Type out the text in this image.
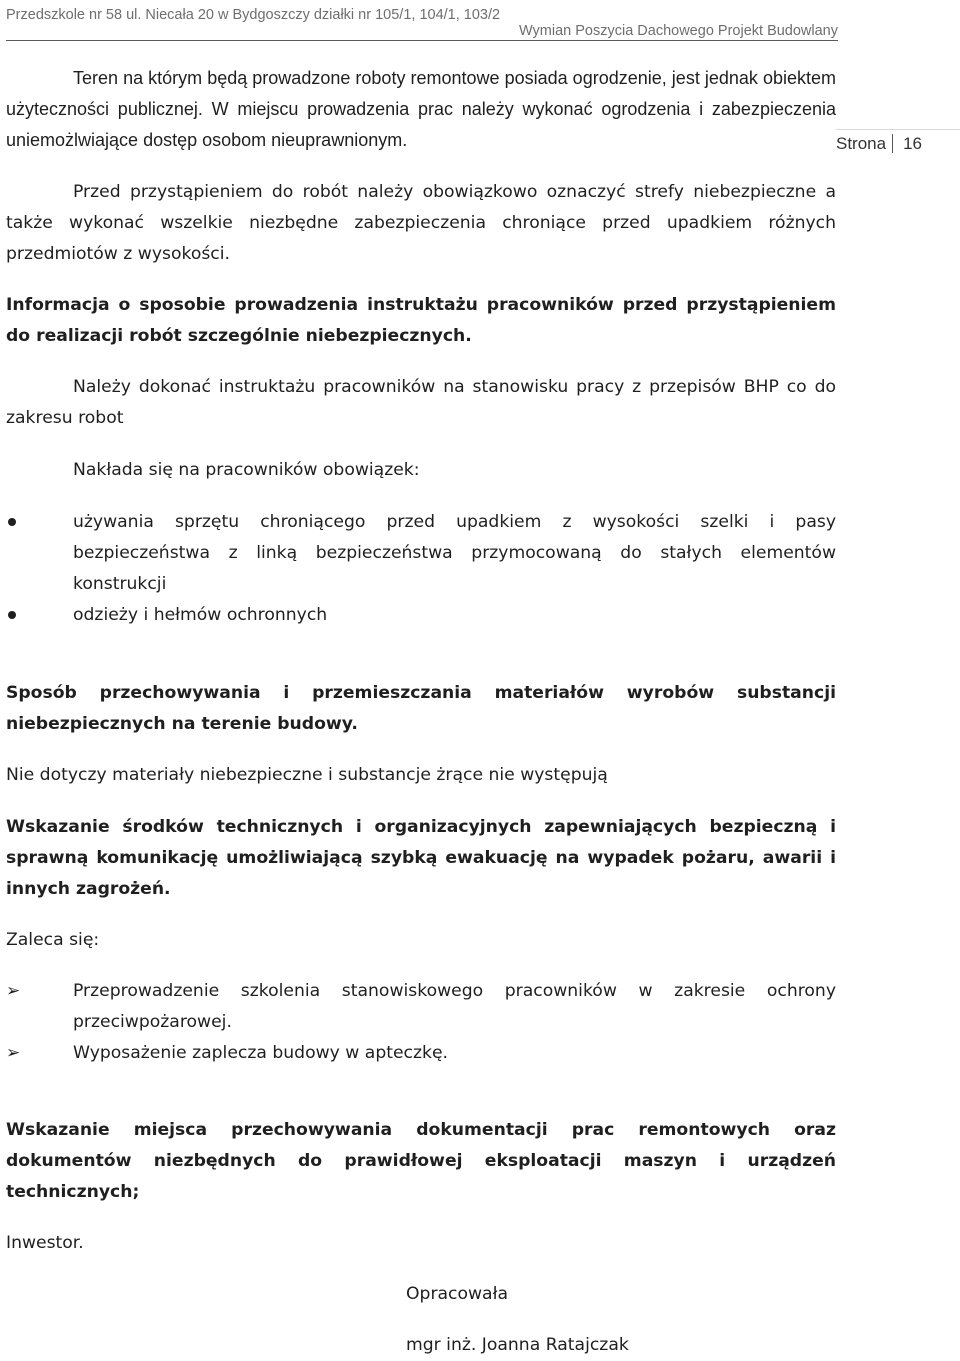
Przedszkole nr 58 ul. Niecała 20 w Bydgoszczy działki nr 105/1, 104/1, 103/2
Wymian Poszycia Dachowego Projekt Budowlany
Strona 16

Teren na którym będą prowadzone roboty remontowe posiada ogrodzenie, jest jednak obiektem użyteczności publicznej. W miejscu prowadzenia prac należy wykonać ogrodzenia i zabezpieczenia uniemożlwiające dostęp osobom nieuprawnionym.

Przed przystąpieniem do robót należy obowiązkowo oznaczyć strefy niebezpieczne a także wykonać wszelkie niezbędne zabezpieczenia chroniące przed upadkiem różnych przedmiotów z wysokości.

Informacja o sposobie prowadzenia instruktażu pracowników przed przystąpieniem do realizacji robót szczególnie niebezpiecznych.

Należy dokonać instruktażu pracowników na stanowisku pracy z przepisów BHP co do zakresu robot

Nakłada się na pracowników obowiązek:

używania sprzętu chroniącego przed upadkiem z wysokości szelki i pasy bezpieczeństwa z linką bezpieczeństwa przymocowaną do stałych elementów konstrukcji
odzieży i hełmów ochronnych

Sposób przechowywania i przemieszczania materiałów wyrobów substancji niebezpiecznych na terenie budowy.

Nie dotyczy materiały niebezpieczne i substancje żrące nie występują

Wskazanie środków technicznych i organizacyjnych zapewniających bezpieczną i sprawną komunikację umożliwiającą szybką ewakuację na wypadek pożaru, awarii i innych zagrożeń.

Zaleca się:

➢	Przeprowadzenie szkolenia stanowiskowego pracowników w zakresie ochrony przeciwpożarowej.
➢	Wyposażenie zaplecza budowy w apteczkę.

Wskazanie miejsca przechowywania dokumentacji prac remontowych oraz dokumentów niezbędnych do prawidłowej eksploatacji maszyn i urządzeń technicznych;

Inwestor.

Opracowała

mgr inż. Joanna Ratajczak
